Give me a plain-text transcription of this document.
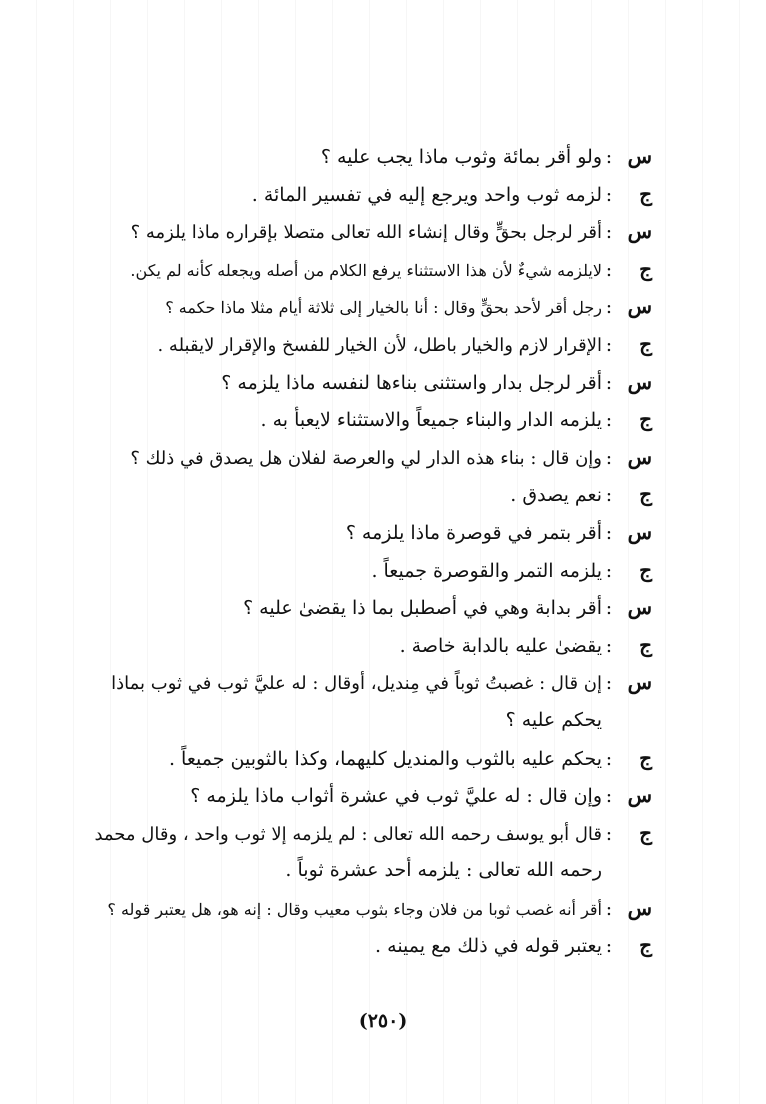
س
:
ولو أقر بمائة وثوب ماذا يجب عليه ؟
ج
:
لزمه ثوب واحد ويرجع إليه في تفسير المائة .
س
:
أقر لرجل بحقٍّ وقال إنشاء الله تعالى متصلا بإقراره ماذا يلزمه ؟
ج
:
لايلزمه شيءٌ لأن هذا الاستثناء يرفع الكلام من أصله ويجعله كأنه لم يكن.
س
:
رجل أقر لأحد بحقٍّ وقال : أنا بالخيار إلى ثلاثة أيام مثلا ماذا حكمه ؟
ج
:
الإقرار لازم والخيار باطل، لأن الخيار للفسخ والإقرار لايقبله .
س
:
أقر لرجل بدار واستثنى بناءها لنفسه ماذا يلزمه ؟
ج
:
يلزمه الدار والبناء جميعاً والاستثناء لايعبأ به .
س
:
وإن قال : بناء هذه الدار لي والعرصة لفلان هل يصدق في ذلك ؟
ج
:
نعم يصدق .
س
:
أقر بتمر في قوصرة ماذا يلزمه ؟
ج
:
يلزمه التمر والقوصرة جميعاً .
س
:
أقر بدابة وهي في أصطبل بما ذا يقضىٰ عليه ؟
ج
:
يقضىٰ عليه بالدابة خاصة .
س
:
إن قال : غصبتُ ثوباً في مِنديل، أوقال : له عليَّ ثوب في ثوب بماذا
يحكم عليه ؟
ج
:
يحكم عليه بالثوب والمنديل كليهما، وكذا بالثوبين جميعاً .
س
:
وإن قال : له عليَّ ثوب في عشرة أثواب ماذا يلزمه ؟
ج
:
قال أبو يوسف رحمه الله تعالى : لم يلزمه إلا ثوب واحد ، وقال محمد
رحمه الله تعالى : يلزمه أحد عشرة ثوباً .
س
:
أقر أنه غصب ثوبا من فلان وجاء بثوب معيب وقال : إنه هو، هل يعتبر قوله ؟
ج
:
يعتبر قوله في ذلك مع يمينه .
(٢٥٠)
